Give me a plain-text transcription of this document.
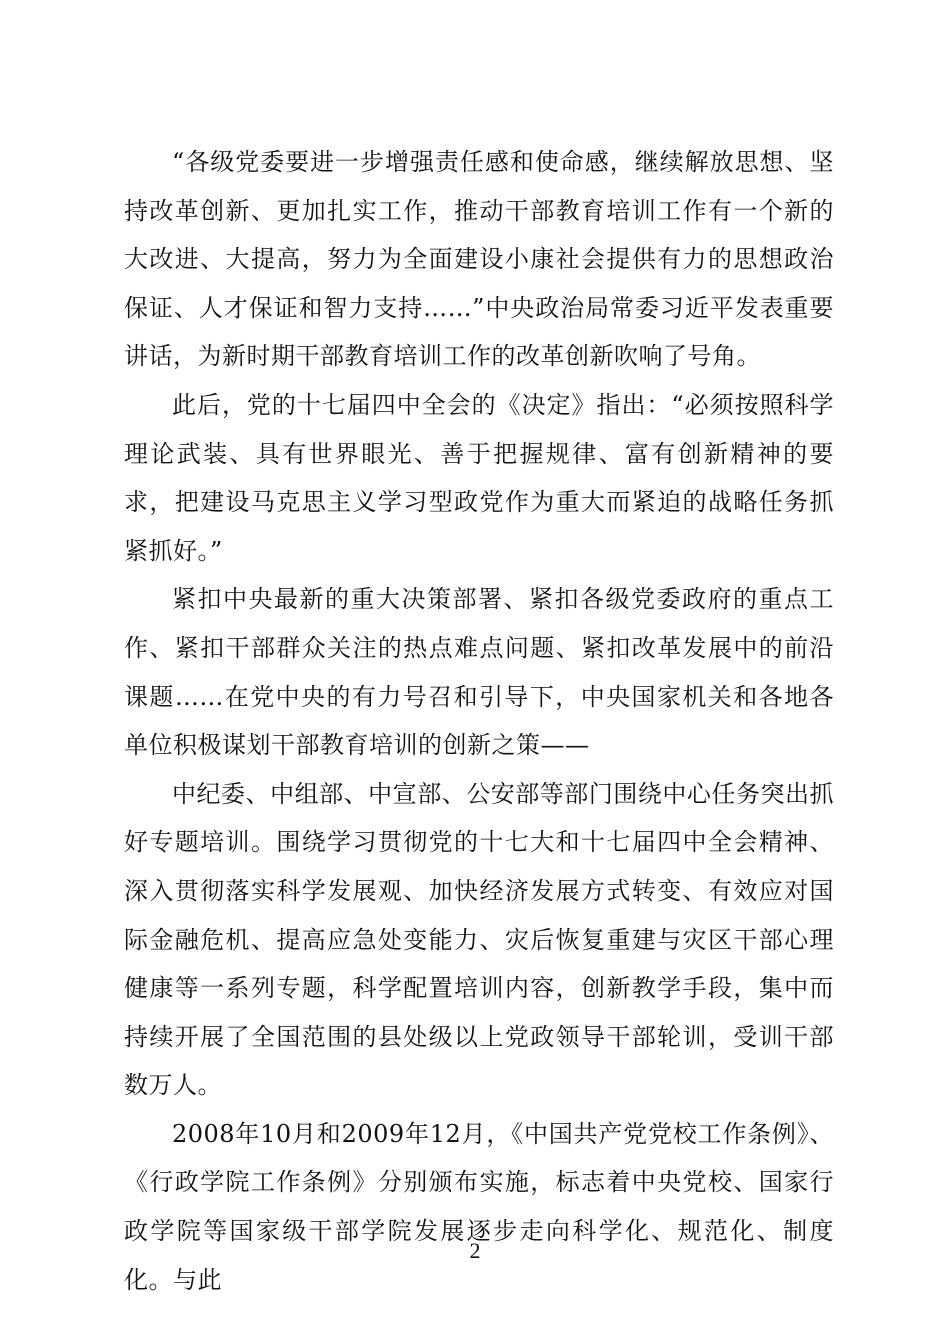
“各级党委要进一步增强责任感和使命感，继续解放思想、坚持改革创新、更加扎实工作，推动干部教育培训工作有一个新的大改进、大提高，努力为全面建设小康社会提供有力的思想政治保证、人才保证和智力支持……”中央政治局常委习近平发表重要讲话，为新时期干部教育培训工作的改革创新吹响了号角。

此后，党的十七届四中全会的《决定》指出：“必须按照科学理论武装、具有世界眼光、善于把握规律、富有创新精神的要求，把建设马克思主义学习型政党作为重大而紧迫的战略任务抓紧抓好。”

紧扣中央最新的重大决策部署、紧扣各级党委政府的重点工作、紧扣干部群众关注的热点难点问题、紧扣改革发展中的前沿课题……在党中央的有力号召和引导下，中央国家机关和各地各单位积极谋划干部教育培训的创新之策——

中纪委、中组部、中宣部、公安部等部门围绕中心任务突出抓好专题培训。围绕学习贯彻党的十七大和十七届四中全会精神、深入贯彻落实科学发展观、加快经济发展方式转变、有效应对国际金融危机、提高应急处变能力、灾后恢复重建与灾区干部心理健康等一系列专题，科学配置培训内容，创新教学手段，集中而持续开展了全国范围的县处级以上党政领导干部轮训，受训干部数万人。

2008年10月和2009年12月，《中国共产党党校工作条例》、《行政学院工作条例》分别颁布实施，标志着中央党校、国家行政学院等国家级干部学院发展逐步走向科学化、规范化、制度化。与此

2
